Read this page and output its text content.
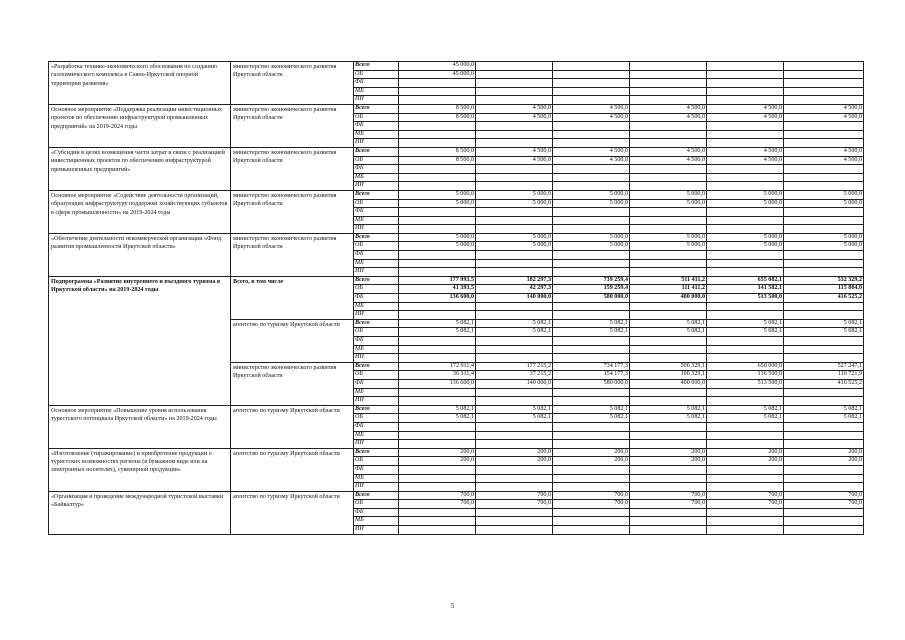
«Разработка технико-экономического обоснования по созданию газохимического комплекса в Саяно-Иркутской опорной территории развития»	министерство экономического развития Иркутской области	Всего	45 000,0					
		ОБ	45 000,0					
		ФБ						
		МБ						
		ИИ						
Основное мероприятие «Поддержка реализации инвестиционных проектов по обеспечению инфраструктурой промышленных предприятий» на 2019-2024 годы	министерство экономического развития Иркутской области	Всего	8 500,0	4 500,0	4 500,0	4 500,0	4 500,0	4 500,0
		ОБ	8 500,0	4 500,0	4 500,0	4 500,0	4 500,0	4 500,0
		ФБ						
		МБ						
		ИИ						
«Субсидии в целях возмещения части затрат в связи с реализацией инвестиционных проектов по обеспечению инфраструктурой промышленных предприятий»	министерство экономического развития Иркутской области	Всего	8 500,0	4 500,0	4 500,0	4 500,0	4 500,0	4 500,0
		ОБ	8 500,0	4 500,0	4 500,0	4 500,0	4 500,0	4 500,0
		ФБ						
		МБ						
		ИИ						
Основное мероприятие «Содействие деятельности организаций, образующих инфраструктуру поддержки хозяйствующих субъектов в сфере промышленности» на 2019-2024 годы	министерство экономического развития Иркутской области	Всего	5 000,0	5 000,0	5 000,0	5 000,0	5 000,0	5 000,0
		ОБ	5 000,0	5 000,0	5 000,0	5 000,0	5 000,0	5 000,0
		ФБ						
		МБ						
		ИИ						
«Обеспечение деятельности некоммерческой организации «Фонд развития промышленности Иркутской области»	министерство экономического развития Иркутской области	Всего	5 000,0	5 000,0	5 000,0	5 000,0	5 000,0	5 000,0
		ОБ	5 000,0	5 000,0	5 000,0	5 000,0	5 000,0	5 000,0
		ФБ						
		МБ						
		ИИ						
Подпрограмма «Развитие внутреннего и въездного туризма в Иркутской области» на 2019-2024 годы	Всего, в том числе	Всего	177 993,5	182 297,3	739 259,4	511 411,2	655 082,1	532 329,2
		ОБ	41 393,5	42 297,3	159 259,4	111 411,2	141 582,1	115 804,0
		ФБ	136 600,0	140 000,0	580 000,0	400 000,0	513 500,0	416 525,2
		МБ						
		ИИ						
	агентство по туризму Иркутской области	Всего	5 082,1	5 082,1	5 082,1	5 082,1	5 082,1	5 082,1
		ОБ	5 082,1	5 082,1	5 082,1	5 082,1	5 082,1	5 082,1
		ФБ						
		МБ						
		ИИ						
	министерство экономического развития Иркутской области	Всего	172 911,4	177 215,2	734 177,3	506 329,1	650 000,0	527 247,1
		ОБ	36 311,4	37 215,2	154 177,3	106 329,1	136 500,0	110 721,9
		ФБ	136 600,0	140 000,0	580 000,0	400 000,0	513 500,0	416 525,2
		МБ						
		ИИ						
Основное мероприятие «Повышение уровня использования турестского потенциала Иркутской области» на 2019-2024 годы	агентство по туризму Иркутской области	Всего	5 082,1	5 082,1	5 082,1	5 082,1	5 082,1	5 082,1
		ОБ	5 082,1	5 082,1	5 082,1	5 082,1	5 082,1	5 082,1
		ФБ						
		МБ						
		ИИ						
«Изготовление (тиражирование) и приобретение продукции о туристских возможностях региона (в бумажном виде или на электронных носителях), сувенирной продукции»	агентство по туризму Иркутской области	Всего	200,0	200,0	200,0	200,0	200,0	200,0
		ОБ	200,0	200,0	200,0	200,0	200,0	200,0
		ФБ						
		МБ						
		ИИ						
«Организация и проведение международной туристской выставки «Байкалтур»	агентство по туризму Иркутской области	Всего	700,0	700,0	700,0	700,0	700,0	700,0
		ОБ	700,0	700,0	700,0	700,0	700,0	700,0
		ФБ						
		МБ						
		ИИ						
5
